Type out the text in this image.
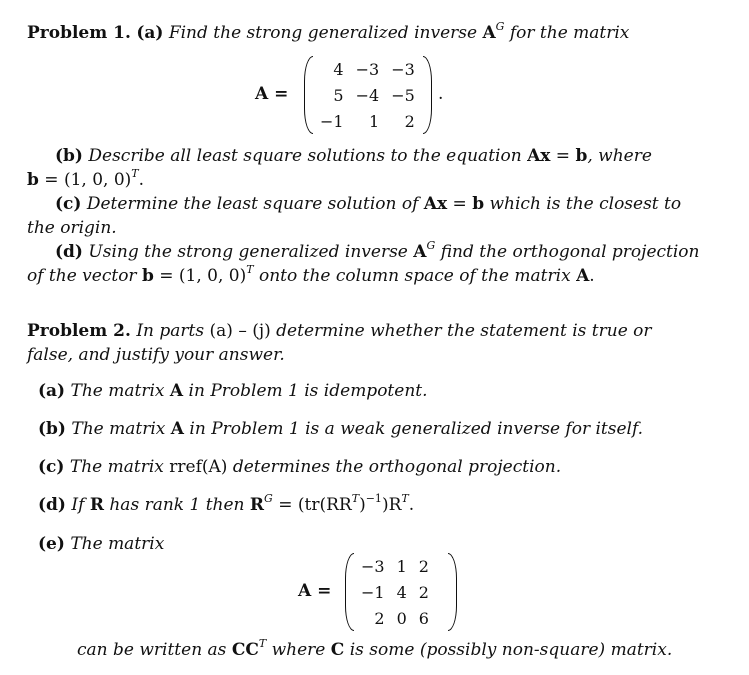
Problem 1. (a) Find the strong generalized inverse $A^G$ for the matrix
A =
4	−3	−3
5	−4	−5
−1	1	2
.
(b) Describe all least square solutions to the equation Ax = b, where
b = (1, 0, 0)$^T$.
(c) Determine the least square solution of Ax = b which is the closest to
the origin.
(d) Using the strong generalized inverse $A^G$ find the orthogonal projection
of the vector b = (1, 0, 0)$^T$ onto the column space of the matrix A.
Problem 2. In parts (a) – (j) determine whether the statement is true or
false, and justify your answer.
(a) The matrix A in Problem 1 is idempotent.
(b) The matrix A in Problem 1 is a weak generalized inverse for itself.
(c) The matrix rref(A) determines the orthogonal projection.
(d) If R has rank 1 then $R^G = (tr(RR^T)^{-1})R^T$.
(e) The matrix
A =
−3	1	2
−1	4	2
2	0	6
can be written as $CC^T$ where C is some (possibly non-square) matrix.
